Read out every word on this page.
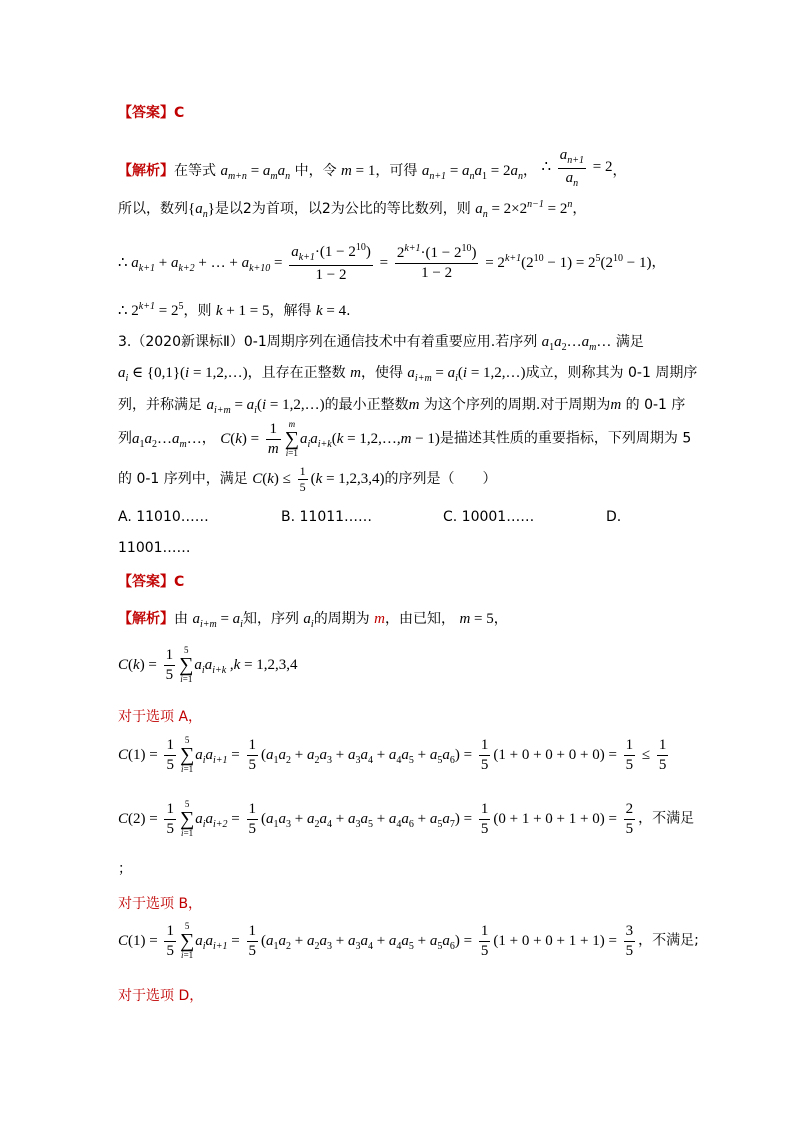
【答案】C
【解析】在等式 $a_{m+n} = a_ma_n$ 中，令 m = 1，可得 $a_{n+1} = a_na_1 = 2a_n$， ∴ $\frac{a_{n+1}}{a_n} = 2$，
所以，数列$\{a_n\}$是以2为首项，以2为公比的等比数列，则 $a_n = 2\times 2^{n-1} = 2^n$，
∴ $a_{k+1} + a_{k+2}$ + … + $a_{k+10} = \frac{a_{k+1}\cdot(1 - 2^{10})}{1 - 2} = \frac{2^{k+1}\cdot(1 - 2^{10})}{1 - 2} = 2^{k+1}(2^{10} - 1) = 2^5(2^{10} - 1)$，
∴ $2^{k+1} = 2^5$，则 k + 1 = 5，解得 k = 4.
3.（2020新课标Ⅱ）0-1周期序列在通信技术中有着重要应用.若序列 $a_1a_2\dots a_m\dots$ 满足
$a_i$ ∈ {0,1}(i = 1,2,…)，且存在正整数 m，使得 $a_{i+m} = a_i(i$ = 1,2,…)成立，则称其为 0-1 周期序
列，并称满足 $a_{i+m} = a_i(i$ = 1,2,…)的最小正整数m 为这个序列的周期.对于周期为m 的 0-1 序
列$a_1a_2\dots a_m\dots$， $C(k) = \frac{1}{m}$ m
∑
i=1
$a_ia_{i+k}(k$ = 1,2,…,m − 1)是描述其性质的重要指标，下列周期为 5
的 0-1 序列中，满足 $C(k) \le \frac{1}{5} (k = 1,2,3,4)$的序列是（　　）
A. 11010……	B. 11011……	C. 10001……	D.
11001……
【答案】C
【解析】由 $a_{i+m} = a_i$知，序列 $a_i$的周期为 m，由已知， m = 5，
$C(k) = \frac{1}{5} 5$
∑
i=1
$a_ia_{i+k}$ ,k = 1,2,3,4
对于选项 A，
$C(1) = \frac{1}{5} 5$
∑
i=1
$a_ia_{i+1} = \frac{1}{5} (a_1a_2 + a_2a_3 + a_3a_4 + a_4a_5 + a_5a_6) = \frac{1}{5} (1 + 0 + 0 + 0 + 0) = \frac{1}{5} \le \frac{1}{5}$
$C(2) = \frac{1}{5} 5$
∑
i=1
$a_ia_{i+2} = \frac{1}{5} (a_1a_3 + a_2a_4 + a_3a_5 + a_4a_6 + a_5a_7) = \frac{1}{5} (0 + 1 + 0 + 1 + 0) = \frac{2}{5}$ ，不满足
；
对于选项 B，
$C(1) = \frac{1}{5} 5$
∑
i=1
$a_ia_{i+1} = \frac{1}{5} (a_1a_2 + a_2a_3 + a_3a_4 + a_4a_5 + a_5a_6) = \frac{1}{5} (1 + 0 + 0 + 1 + 1) = \frac{3}{5}$ ，不满足;
对于选项 D，
